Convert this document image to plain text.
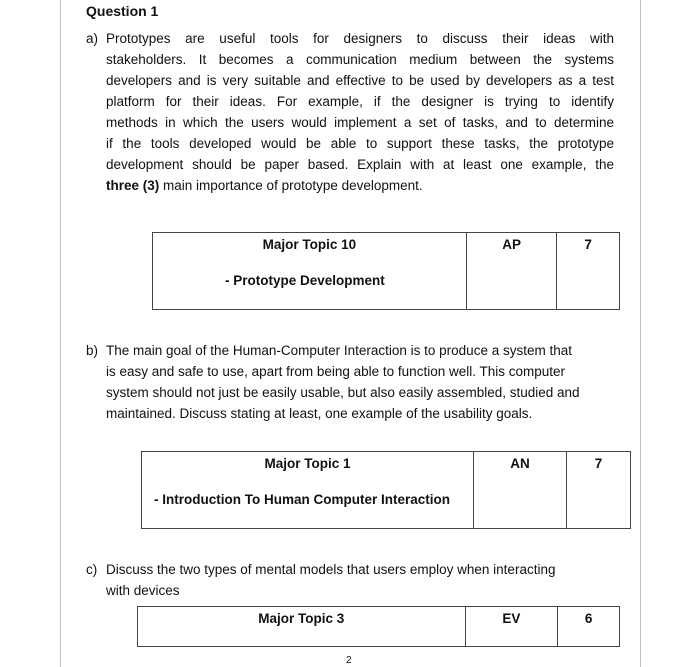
Question 1
a) Prototypes are useful tools for designers to discuss their ideas with
stakeholders. It becomes a communication medium between the systems
developers and is very suitable and effective to be used by developers as a test
platform for their ideas. For example, if the designer is trying to identify
methods in which the users would implement a set of tasks, and to determine
if the tools developed would be able to support these tasks, the prototype
development should be paper based. Explain with at least one example, the
three (3) main importance of prototype development.
Major Topic 10
- Prototype Development
	AP	7
b) The main goal of the Human-Computer Interaction is to produce a system that
is easy and safe to use, apart from being able to function well. This computer
system should not just be easily usable, but also easily assembled, studied and
maintained. Discuss stating at least, one example of the usability goals.
Major Topic 1
- Introduction To Human Computer Interaction
	AN	7
c) Discuss the two types of mental models that users employ when interacting
with devices
Major Topic 3	EV	6
2
